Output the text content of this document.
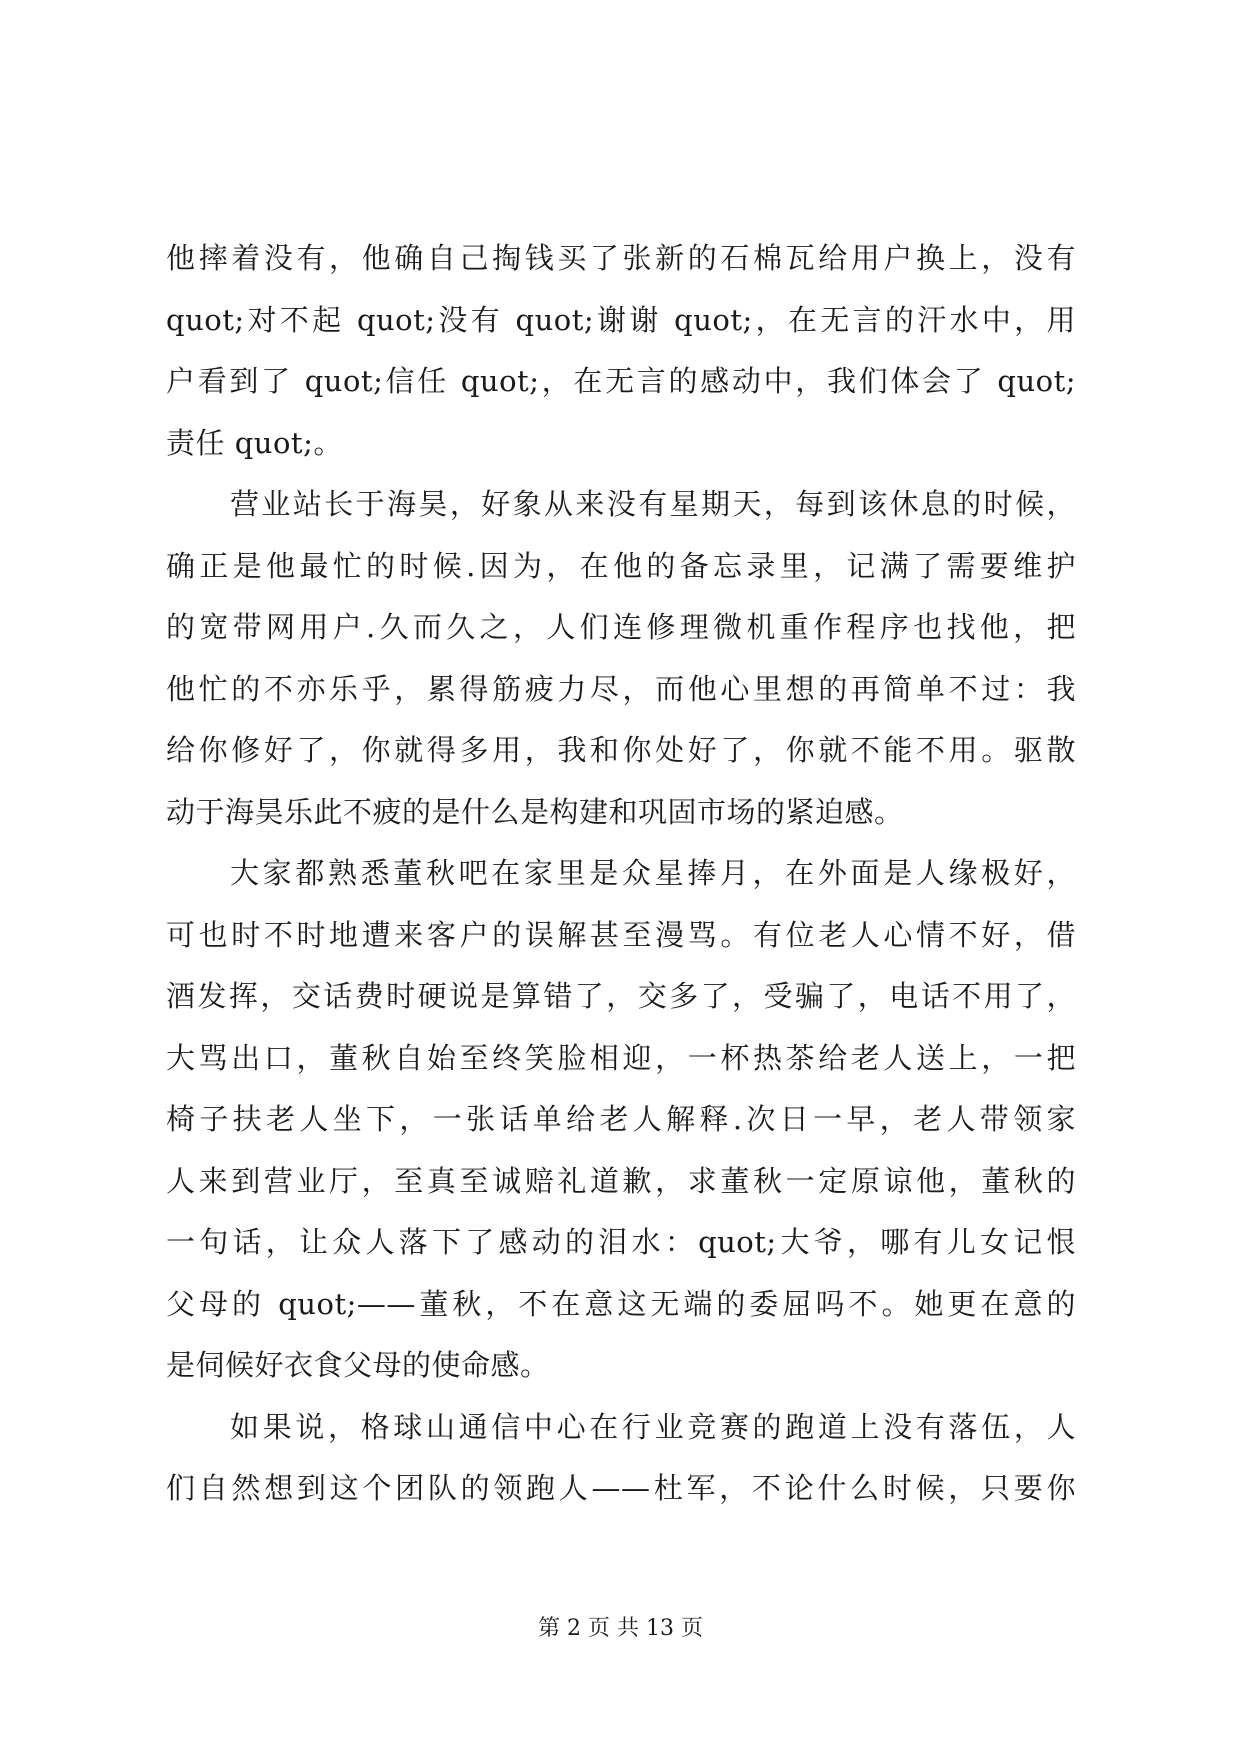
他摔着没有，他确自己掏钱买了张新的石棉瓦给用户换上，没有
quot;对不起 quot;没有 quot;谢谢 quot;，在无言的汗水中，用
户看到了 quot;信任 quot;，在无言的感动中，我们体会了 quot;
责任 quot;。
营业站长于海昊，好象从来没有星期天，每到该休息的时候，
确正是他最忙的时候.因为，在他的备忘录里，记满了需要维护
的宽带网用户.久而久之，人们连修理微机重作程序也找他，把
他忙的不亦乐乎，累得筋疲力尽，而他心里想的再简单不过：我
给你修好了，你就得多用，我和你处好了，你就不能不用。驱散
动于海昊乐此不疲的是什么是构建和巩固市场的紧迫感。
大家都熟悉董秋吧在家里是众星捧月，在外面是人缘极好，
可也时不时地遭来客户的误解甚至漫骂。有位老人心情不好，借
酒发挥，交话费时硬说是算错了，交多了，受骗了，电话不用了，
大骂出口，董秋自始至终笑脸相迎，一杯热茶给老人送上，一把
椅子扶老人坐下，一张话单给老人解释.次日一早，老人带领家
人来到营业厅，至真至诚赔礼道歉，求董秋一定原谅他，董秋的
一句话，让众人落下了感动的泪水：quot;大爷，哪有儿女记恨
父母的 quot;——董秋，不在意这无端的委屈吗不。她更在意的
是伺候好衣食父母的使命感。
如果说，格球山通信中心在行业竞赛的跑道上没有落伍，人
们自然想到这个团队的领跑人——杜军，不论什么时候，只要你
第 2 页 共 13 页
